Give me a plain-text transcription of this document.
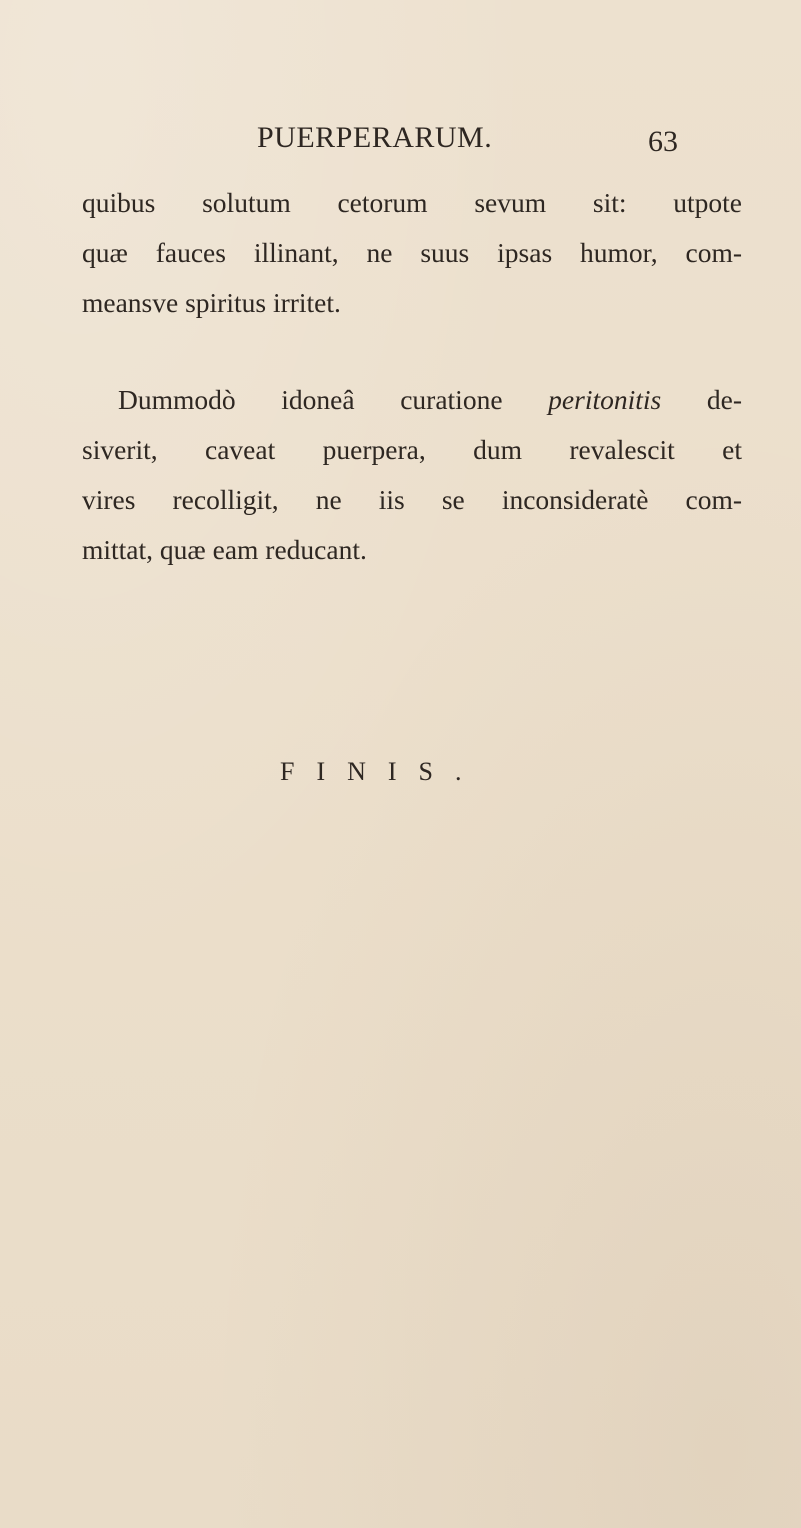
PUERPERARUM.	63

quibus solutum cetorum sevum sit: utpote
quæ fauces illinant, ne suus ipsas humor, com-
meansve spiritus irritet.

Dummodò idoneâ curatione peritonitis de-
siverit, caveat puerpera, dum revalescit et
vires recolligit, ne iis se inconsideratè com-
mittat, quæ eam reducant.

FINIS.
